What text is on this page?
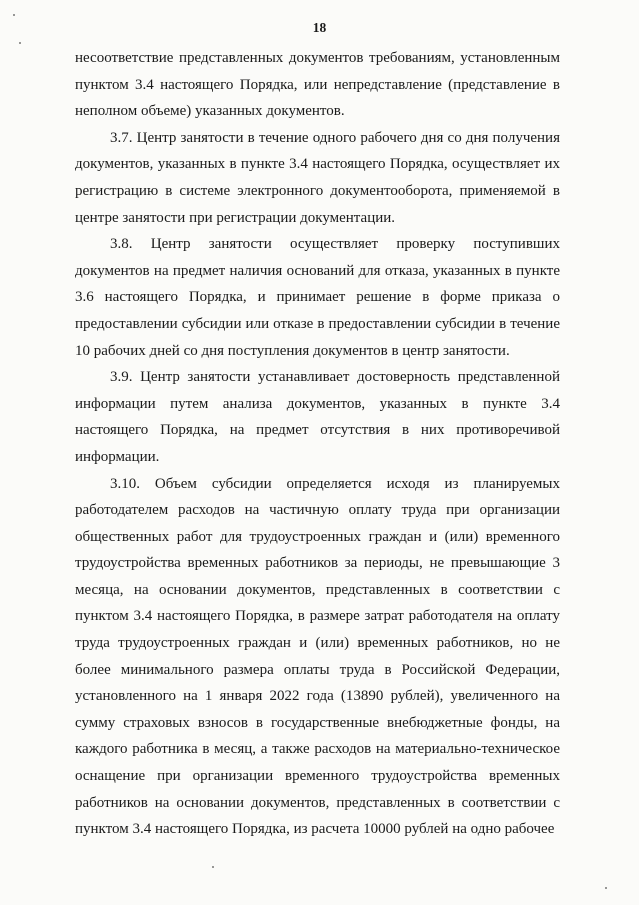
18

несоответствие представленных документов требованиям, установленным пунктом 3.4 настоящего Порядка, или непредставление (представление в неполном объеме) указанных документов.

3.7. Центр занятости в течение одного рабочего дня со дня получения документов, указанных в пункте 3.4 настоящего Порядка, осуществляет их регистрацию в системе электронного документооборота, применяемой в центре занятости при регистрации документации.

3.8. Центр занятости осуществляет проверку поступивших документов на предмет наличия оснований для отказа, указанных в пункте 3.6 настоящего Порядка, и принимает решение в форме приказа о предоставлении субсидии или отказе в предоставлении субсидии в течение 10 рабочих дней со дня поступления документов в центр занятости.

3.9. Центр занятости устанавливает достоверность представленной информации путем анализа документов, указанных в пункте 3.4 настоящего Порядка, на предмет отсутствия в них противоречивой информации.

3.10. Объем субсидии определяется исходя из планируемых работодателем расходов на частичную оплату труда при организации общественных работ для трудоустроенных граждан и (или) временного трудоустройства временных работников за периоды, не превышающие 3 месяца, на основании документов, представленных в соответствии с пунктом 3.4 настоящего Порядка, в размере затрат работодателя на оплату труда трудоустроенных граждан и (или) временных работников, но не более минимального размера оплаты труда в Российской Федерации, установленного на 1 января 2022 года (13890 рублей), увеличенного на сумму страховых взносов в государственные внебюджетные фонды, на каждого работника в месяц, а также расходов на материально-техническое оснащение при организации временного трудоустройства временных работников на основании документов, представленных в соответствии с пунктом 3.4 настоящего Порядка, из расчета 10000 рублей на одно рабочее
